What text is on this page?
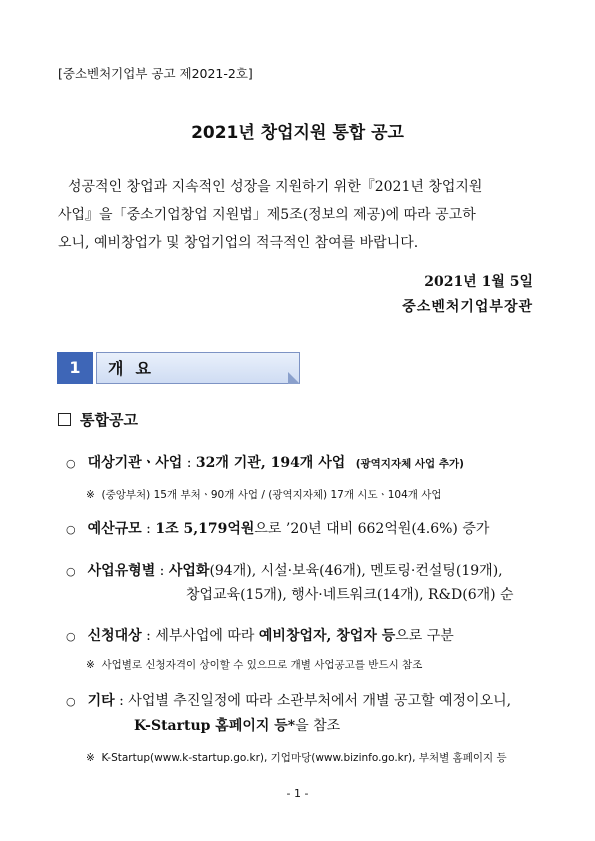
[중소벤처기업부 공고 제2021-2호]
2021년 창업지원 통합 공고
성공적인 창업과 지속적인 성장을 지원하기 위한『2021년 창업지원
사업』을「중소기업창업 지원법」제5조(정보의 제공)에 따라 공고하
오니, 예비창업가 및 창업기업의 적극적인 참여를 바랍니다.
2021년 1월 5일
중소벤처기업부장관
1	개요
통합공고
○ 대상기관ㆍ사업 : 32개 기관, 194개 사업 (광역지자체 사업 추가)
※ (중앙부처) 15개 부처ㆍ90개 사업 / (광역지자체) 17개 시도ㆍ104개 사업
○ 예산규모 : 1조 5,179억원으로 ’20년 대비 662억원(4.6%) 증가
○ 사업유형별 : 사업화(94개), 시설·보육(46개), 멘토링·컨설팅(19개),
창업교육(15개), 행사·네트워크(14개), R&D(6개) 순
○ 신청대상 : 세부사업에 따라 예비창업자, 창업자 등으로 구분
※ 사업별로 신청자격이 상이할 수 있으므로 개별 사업공고를 반드시 참조
○ 기타 : 사업별 추진일정에 따라 소관부처에서 개별 공고할 예정이오니,
K-Startup 홈페이지 등*을 참조
※ K-Startup(www.k-startup.go.kr), 기업마당(www.bizinfo.go.kr), 부처별 홈페이지 등
- 1 -
